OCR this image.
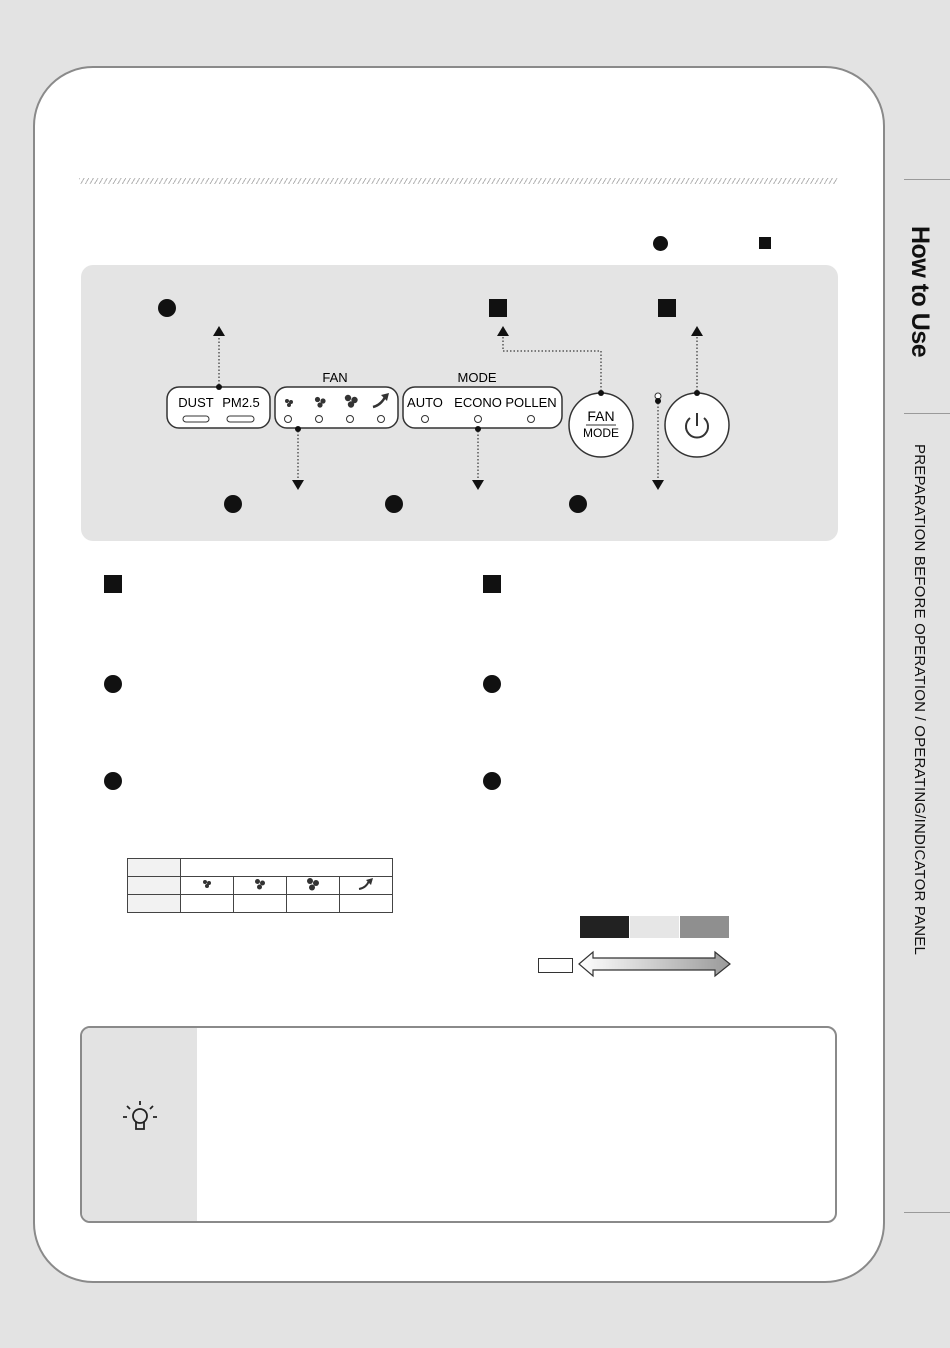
How to Use
PREPARATION BEFORE OPERATION / OPERATING/INDICATOR PANEL
DUST PM2.5
FAN	MODE
AUTO ECONO POLLEN
FAN
MODE
